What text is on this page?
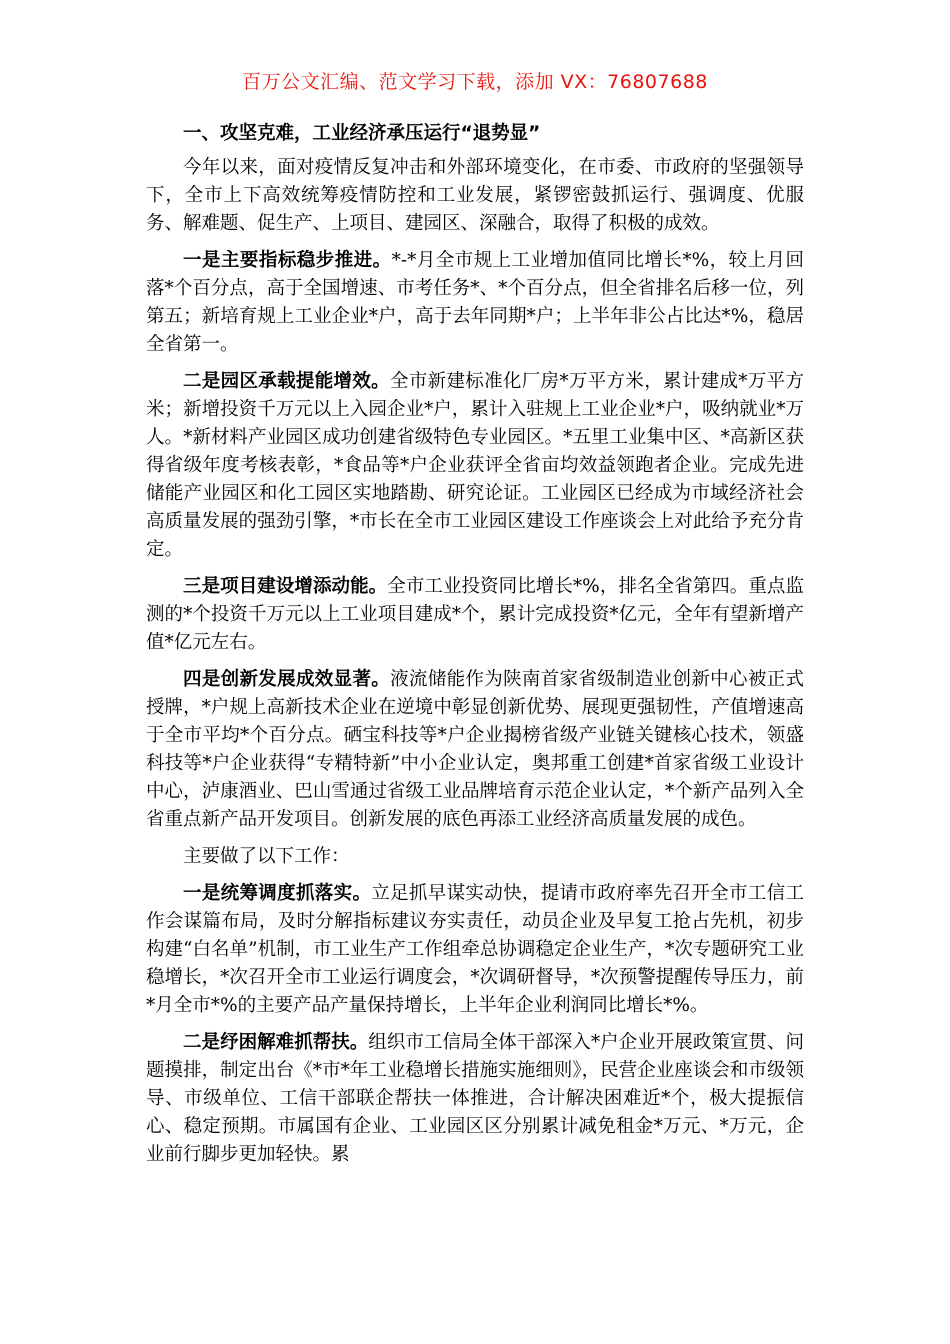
百万公文汇编、范文学习下载，添加 VX：76807688
一、攻坚克难，工业经济承压运行“退势显”

今年以来，面对疫情反复冲击和外部环境变化，在市委、市政府的坚强领导下，全市上下高效统筹疫情防控和工业发展，紧锣密鼓抓运行、强调度、优服务、解难题、促生产、上项目、建园区、深融合，取得了积极的成效。

一是主要指标稳步推进。*-*月全市规上工业增加值同比增长*%，较上月回落*个百分点，高于全国增速、市考任务*、*个百分点，但全省排名后移一位，列第五；新培育规上工业企业*户，高于去年同期*户；上半年非公占比达*%，稳居全省第一。

二是园区承载提能增效。全市新建标准化厂房*万平方米，累计建成*万平方米；新增投资千万元以上入园企业*户，累计入驻规上工业企业*户，吸纳就业*万人。*新材料产业园区成功创建省级特色专业园区。*五里工业集中区、*高新区获得省级年度考核表彰，*食品等*户企业获评全省亩均效益领跑者企业。完成先进储能产业园区和化工园区实地踏勘、研究论证。工业园区已经成为市域经济社会高质量发展的强劲引擎，*市长在全市工业园区建设工作座谈会上对此给予充分肯定。

三是项目建设增添动能。全市工业投资同比增长*%，排名全省第四。重点监测的*个投资千万元以上工业项目建成*个，累计完成投资*亿元，全年有望新增产值*亿元左右。

四是创新发展成效显著。液流储能作为陕南首家省级制造业创新中心被正式授牌，*户规上高新技术企业在逆境中彰显创新优势、展现更强韧性，产值增速高于全市平均*个百分点。硒宝科技等*户企业揭榜省级产业链关键核心技术，领盛科技等*户企业获得“专精特新”中小企业认定，奥邦重工创建*首家省级工业设计中心，泸康酒业、巴山雪通过省级工业品牌培育示范企业认定，*个新产品列入全省重点新产品开发项目。创新发展的底色再添工业经济高质量发展的成色。

主要做了以下工作：

一是统筹调度抓落实。立足抓早谋实动快，提请市政府率先召开全市工信工作会谋篇布局，及时分解指标建议夯实责任，动员企业及早复工抢占先机，初步构建“白名单”机制，市工业生产工作组牵总协调稳定企业生产，*次专题研究工业稳增长，*次召开全市工业运行调度会，*次调研督导，*次预警提醒传导压力，前*月全市*%的主要产品产量保持增长，上半年企业利润同比增长*%。

二是纾困解难抓帮扶。组织市工信局全体干部深入*户企业开展政策宣贯、问题摸排，制定出台《*市*年工业稳增长措施实施细则》，民营企业座谈会和市级领导、市级单位、工信干部联企帮扶一体推进，合计解决困难近*个，极大提振信心、稳定预期。市属国有企业、工业园区区分别累计减免租金*万元、*万元，企业前行脚步更加轻快。累
